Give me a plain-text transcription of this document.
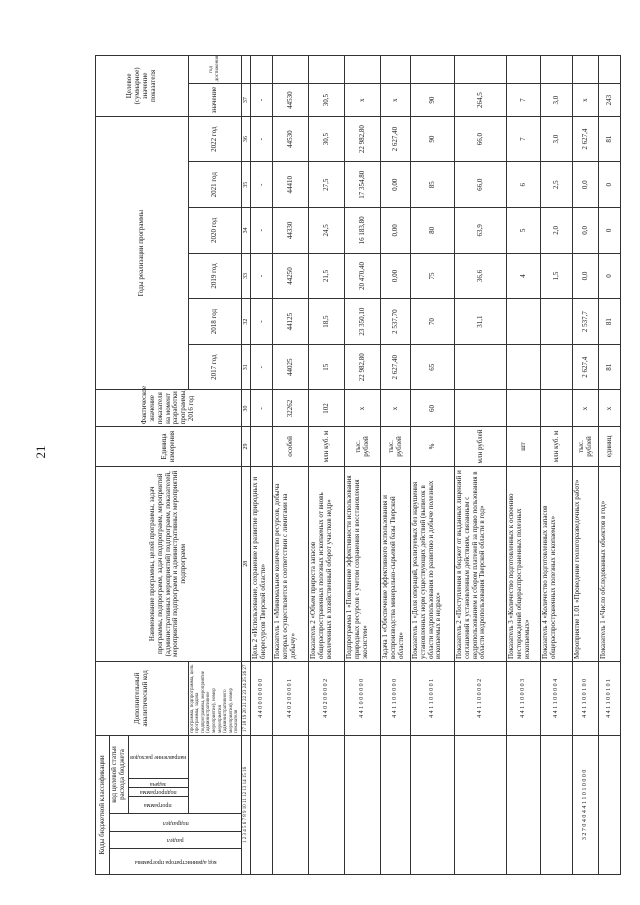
21
Коды бюджетной классификации							Дополнительный аналитический код	Наименование программы, целей программы, задач программы, подпрограмм, задач подпрограмм, мероприятий (административных мероприятий) подпрограмм, показателей, мероприятий подпрограмм и административных мероприятий подпрограмм	Единица измерения	Фактическое значение показателя на момент разработки программы, 2016 год	Годы реализации программы						Целевое (суммарное) значение показателя	

код администратора программы	раздел	подраздел	код целевой статьи расхода бюджета															

			программа	подпрограмма	задача	направление расходов												

							программа, подпрограмма, цель программы, задача подпрограммы, мероприятие (административное мероприятие), номер мероприятия (административного мероприятия), номер показателя				2017 год	2018 год	2019 год	2020 год	2021 год	2022 год	значение	год достижения
1 2 3 4 5 6 7 8 9 10 11 12 13 14 15 16							17 18 19 20 21 22 23 24 25 26 27	28	29	30	31	32	33	34	35	36	37	
							4 4 0 0 0 0 0 0 0	Цель 2 «Использование, сохранение и развитие природных и биоресурсов Тверской области»		-	-	-	-	-	-	-	-	
							4 4 0 2 0 0 0 0 1	Показатель 1 «Минимальное количество ресурсов, добыча которых осуществляется в соответствии с лимитами на добычу»	особей	32262	44025	44125	44250	44330	44410	44530	44530	
							4 4 0 2 0 0 0 0 2	Показатель 2 «Объем прироста запасов общераспространенных полезных ископаемых от вновь вовлеченных в хозяйственный оборот участков недр»	млн куб. м	102	15	18,5	21,5	24,5	27,5	30,5	30,5	
							4 4 1 0 0 0 0 0 0	Подпрограмма 1 «Повышение эффективности использования природных ресурсов с учетом сохранения и восстановления экосистем»	тыс. рублей	х	22 982,80	23 350,10	20 470,40	16 183,80	17 354,80	22 982,80	х	
							4 4 1 1 0 0 0 0 0	Задача 1 «Обеспечение эффективного использования и воспроизводства минерально-сырьевой базы Тверской области»	тыс. рублей	х	2 627,40	2 537,70	0,00	0,00	0,00	2 627,40	х	
							4 4 1 1 0 0 0 0 1	Показатель 1 «Доля операций, реализуемых без нарушения установленных норм существующих действий (выписок в области недропользования по развитию и добыче полезных ископаемых в недрах»	%	60	65	70	75	80	85	90	90	
							4 4 1 1 0 0 0 0 2	Показатель 2 «Поступления в бюджет от выданных лицензий и соглашений к установленным действиям, связанным с недропользованием и сбором платежей за право пользования в области недропользования Тверской области в год»	млн рублей			31,1	36,6	63,9	66,0	66,0	264,5	
							4 4 1 1 0 0 0 0 3	Показатель 3 «Количество подготовленных к освоению месторождений общераспространенных полезных ископаемых»	шт				4	5	6	7	7	
							4 4 1 1 0 0 0 0 4	Показатель 4 «Количество подготовленных запасов общераспространенных полезных ископаемых»	млн куб. м				1,5	2,0	2,5	3,0	3,0	
3 2 7 0 4 0 4 4 1 1 0 1 0 0 0 0							4 4 1 1 0 0 1 0 0	Мероприятие 1.01 «Проведение геологоразведочных работ»	тыс. рублей	х	2 627,4	2 537,7	0,0	0,0	0,0	2 627,4	х	
							4 4 1 1 0 0 1 0 1	Показатель 1 «Число обследованных объектов в год»	единиц	х	81	81	0	0	0	81	243	
